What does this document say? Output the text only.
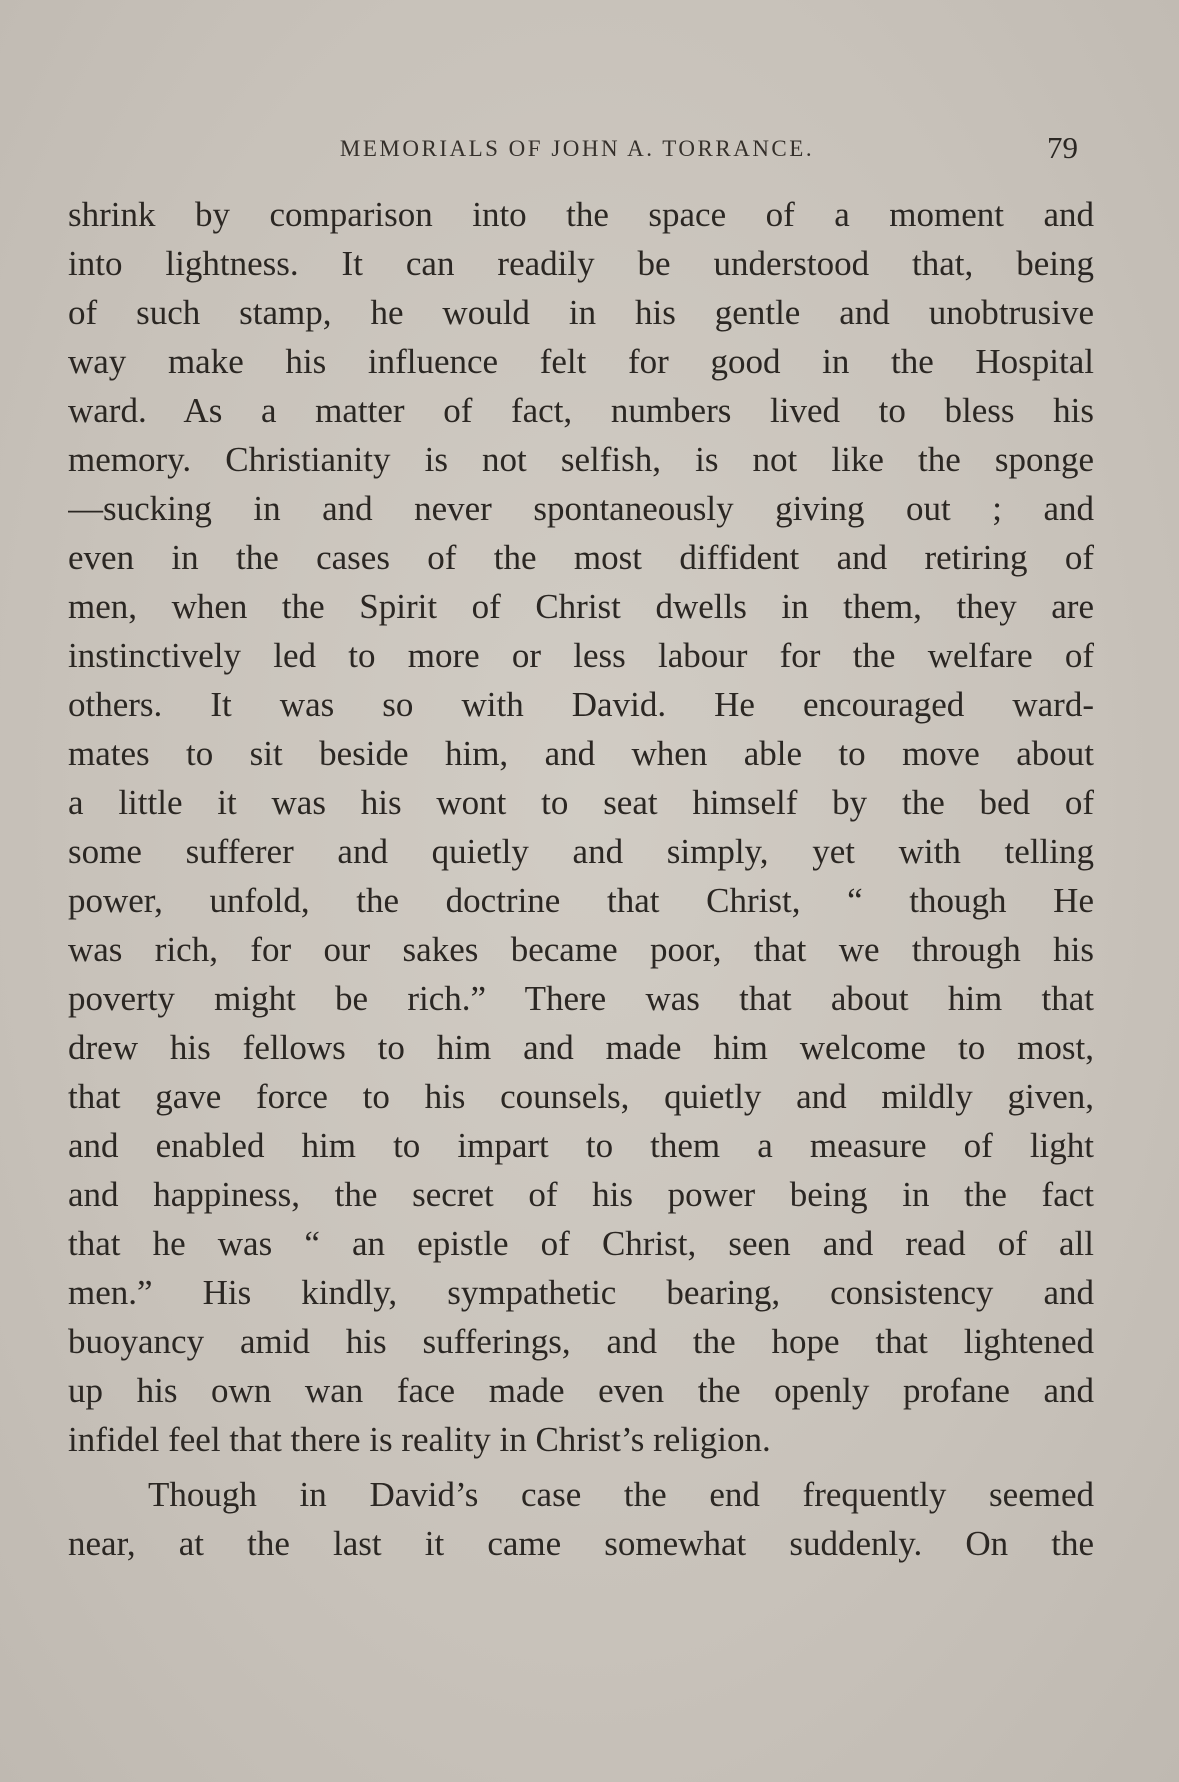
MEMORIALS OF JOHN A. TORRANCE.	79
shrink by comparison into the space of a moment and
into lightness. It can readily be understood that, being
of such stamp, he would in his gentle and unobtrusive
way make his influence felt for good in the Hospital
ward. As a matter of fact, numbers lived to bless his
memory. Christianity is not selfish, is not like the sponge
—sucking in and never spontaneously giving out ; and
even in the cases of the most diffident and retiring of
men, when the Spirit of Christ dwells in them, they are
instinctively led to more or less labour for the welfare of
others. It was so with David. He encouraged ward-
mates to sit beside him, and when able to move about
a little it was his wont to seat himself by the bed of
some sufferer and quietly and simply, yet with telling
power, unfold, the doctrine that Christ, “ though He
was rich, for our sakes became poor, that we through his
poverty might be rich.” There was that about him that
drew his fellows to him and made him welcome to most,
that gave force to his counsels, quietly and mildly given,
and enabled him to impart to them a measure of light
and happiness, the secret of his power being in the fact
that he was “ an epistle of Christ, seen and read of all
men.” His kindly, sympathetic bearing, consistency and
buoyancy amid his sufferings, and the hope that lightened
up his own wan face made even the openly profane and
infidel feel that there is reality in Christ’s religion.
Though in David’s case the end frequently seemed
near, at the last it came somewhat suddenly. On the
